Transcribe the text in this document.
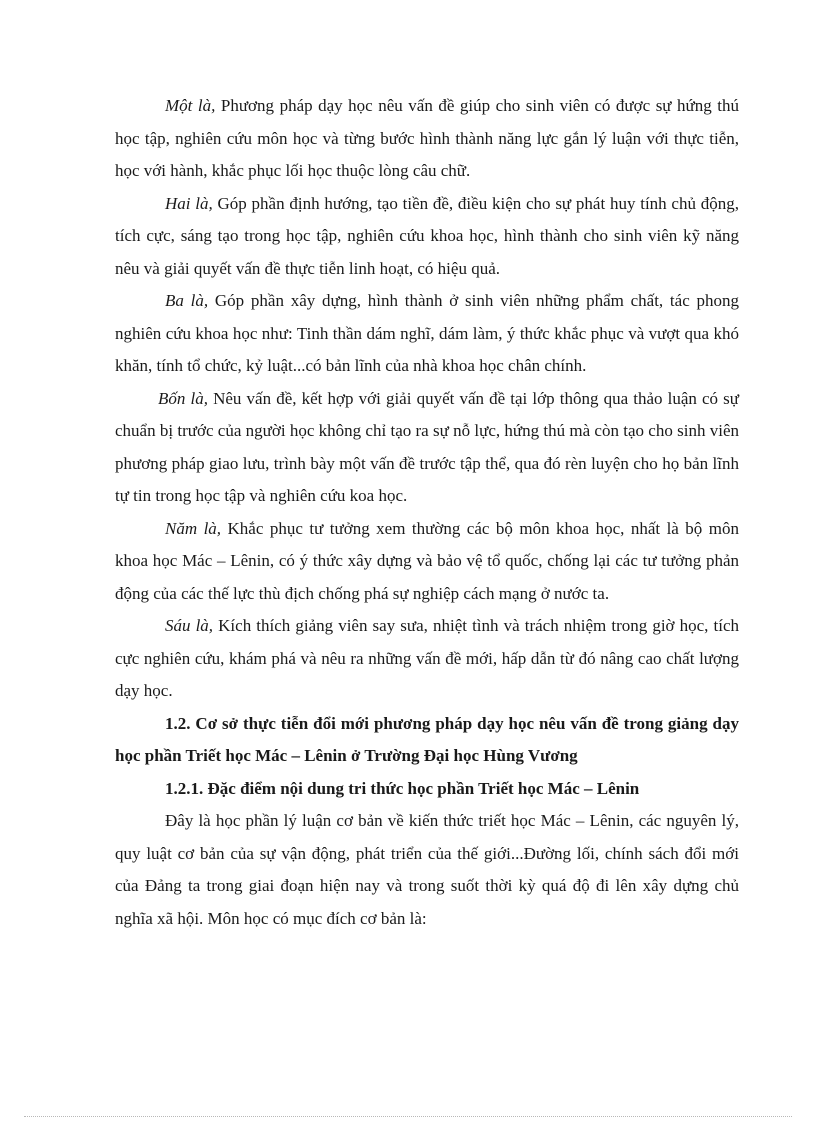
Một là, Phương pháp dạy học nêu vấn đề giúp cho sinh viên có được sự hứng thú học tập, nghiên cứu môn học và từng bước hình thành năng lực gắn lý luận với thực tiễn, học với hành, khắc phục lối học thuộc lòng câu chữ.

Hai là, Góp phần định hướng, tạo tiền đề, điều kiện cho sự phát huy tính chủ động, tích cực, sáng tạo trong học tập, nghiên cứu khoa học, hình thành cho sinh viên kỹ năng nêu và giải quyết vấn đề thực tiễn linh hoạt, có hiệu quả.

Ba là, Góp phần xây dựng, hình thành ở sinh viên những phẩm chất, tác phong nghiên cứu khoa học như: Tinh thần dám nghĩ, dám làm, ý thức khắc phục và vượt qua khó khăn, tính tổ chức, kỷ luật...có bản lĩnh của nhà khoa học chân chính.

Bốn là, Nêu vấn đề, kết hợp với giải quyết vấn đề tại lớp thông qua thảo luận có sự chuẩn bị trước của người học không chỉ tạo ra sự nỗ lực, hứng thú mà còn tạo cho sinh viên phương pháp giao lưu, trình bày một vấn đề trước tập thể, qua đó rèn luyện cho họ bản lĩnh tự tin trong học tập và nghiên cứu koa học.

Năm là, Khắc phục tư tưởng xem thường các bộ môn khoa học, nhất là bộ môn khoa học Mác – Lênin, có ý thức xây dựng và bảo vệ tổ quốc, chống lại các tư tưởng phản động của các thế lực thù địch chống phá sự nghiệp cách mạng ở nước ta.

Sáu là, Kích thích giảng viên say sưa, nhiệt tình và trách nhiệm trong giờ học, tích cực nghiên cứu, khám phá và nêu ra những vấn đề mới, hấp dẫn từ đó nâng cao chất lượng dạy học.

1.2. Cơ sở thực tiễn đổi mới phương pháp dạy học nêu vấn đề trong giảng dạy học phần Triết học Mác – Lênin ở Trường Đại học Hùng Vương

1.2.1. Đặc điểm nội dung tri thức học phần Triết học Mác – Lênin

Đây là học phần lý luận cơ bản về kiến thức triết học Mác – Lênin, các nguyên lý, quy luật cơ bản của sự vận động, phát triển của thế giới...Đường lối, chính sách đổi mới của Đảng ta trong giai đoạn hiện nay và trong suốt thời kỳ quá độ đi lên xây dựng chủ nghĩa xã hội. Môn học có mục đích cơ bản là:
